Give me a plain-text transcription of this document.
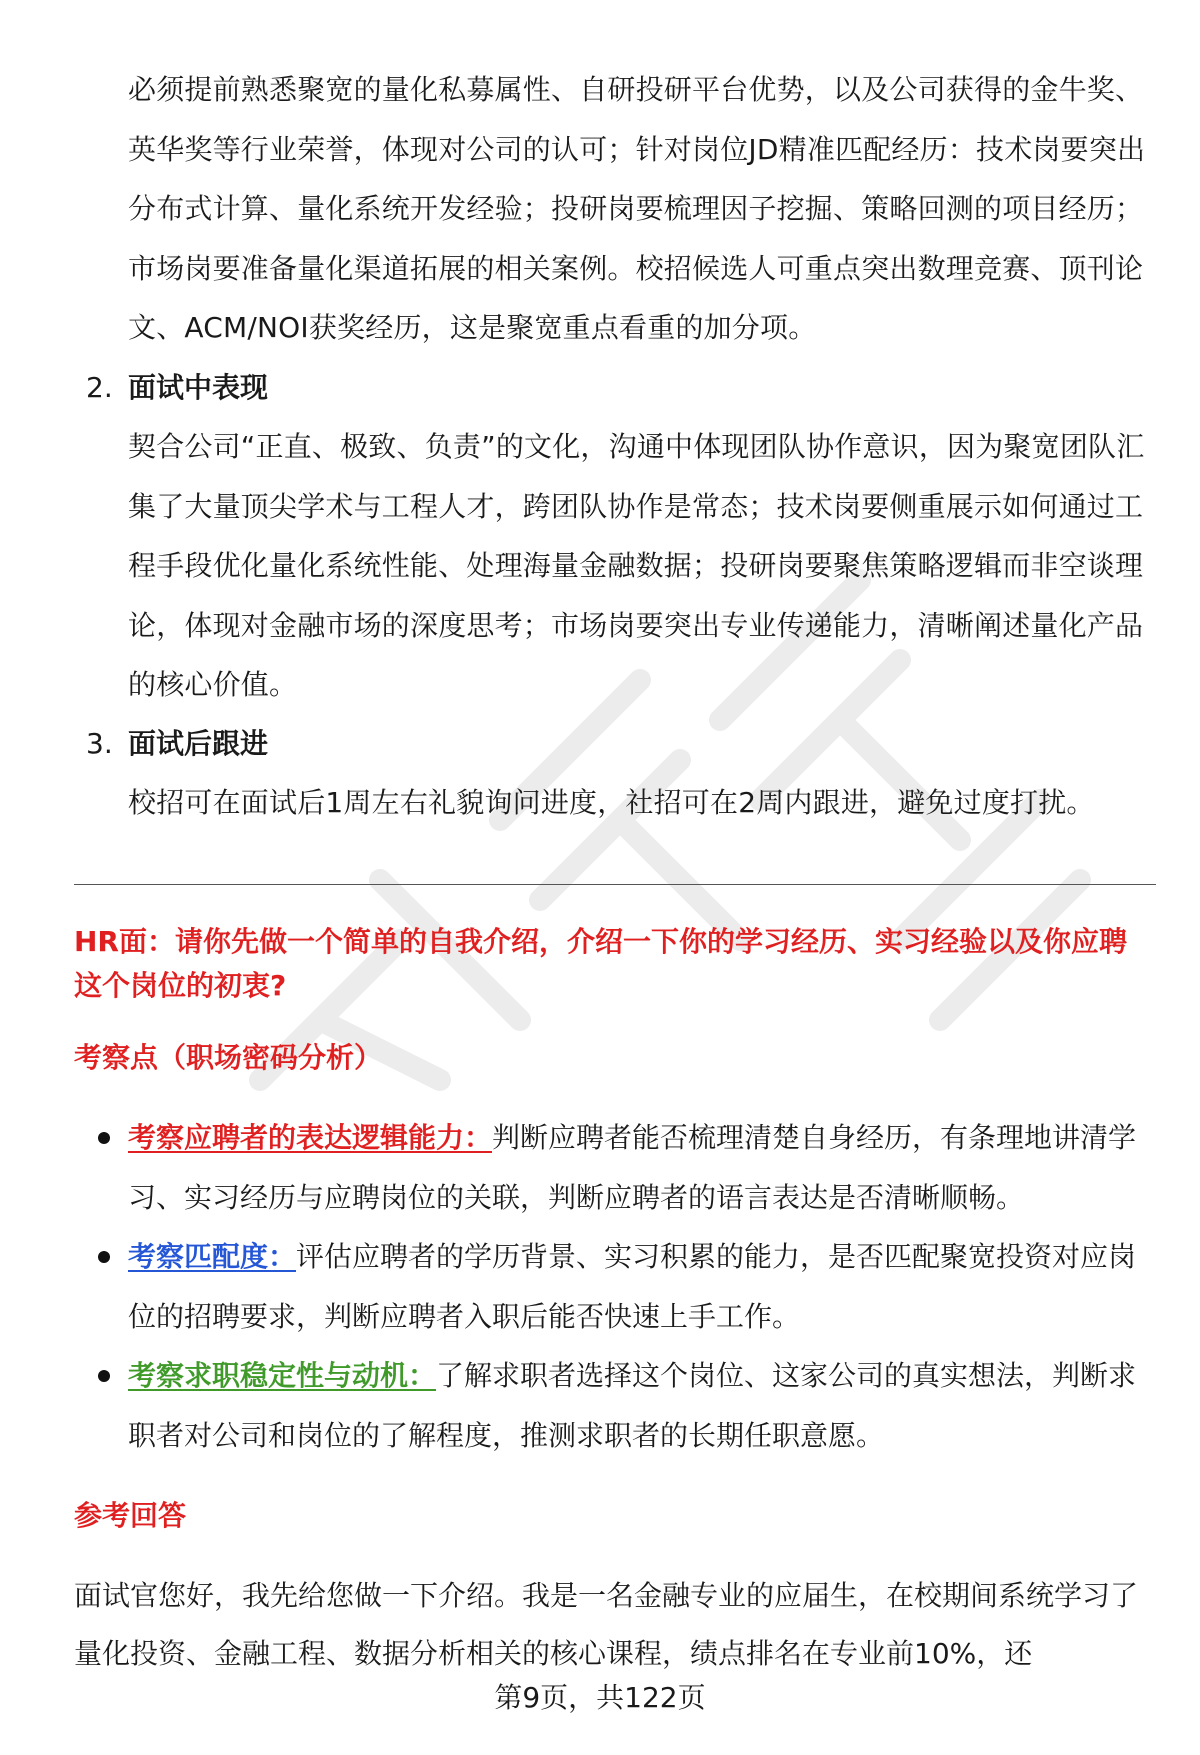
必须提前熟悉聚宽的量化私募属性、自研投研平台优势，以及公司获得的金牛奖、英华奖等行业荣誉，体现对公司的认可；针对岗位JD精准匹配经历：技术岗要突出分布式计算、量化系统开发经验；投研岗要梳理因子挖掘、策略回测的项目经历；市场岗要准备量化渠道拓展的相关案例。校招候选人可重点突出数理竞赛、顶刊论文、ACM/NOI获奖经历，这是聚宽重点看重的加分项。

2. 面试中表现

契合公司“正直、极致、负责”的文化，沟通中体现团队协作意识，因为聚宽团队汇集了大量顶尖学术与工程人才，跨团队协作是常态；技术岗要侧重展示如何通过工程手段优化量化系统性能、处理海量金融数据；投研岗要聚焦策略逻辑而非空谈理论，体现对金融市场的深度思考；市场岗要突出专业传递能力，清晰阐述量化产品的核心价值。

3. 面试后跟进

校招可在面试后1周左右礼貌询问进度，社招可在2周内跟进，避免过度打扰。

HR面：请你先做一个简单的自我介绍，介绍一下你的学习经历、实习经验以及你应聘这个岗位的初衷?
考察点（职场密码分析）
考察应聘者的表达逻辑能力：判断应聘者能否梳理清楚自身经历，有条理地讲清学习、实习经历与应聘岗位的关联，判断应聘者的语言表达是否清晰顺畅。
考察匹配度：评估应聘者的学历背景、实习积累的能力，是否匹配聚宽投资对应岗位的招聘要求，判断应聘者入职后能否快速上手工作。
考察求职稳定性与动机：了解求职者选择这个岗位、这家公司的真实想法，判断求职者对公司和岗位的了解程度，推测求职者的长期任职意愿。
参考回答

面试官您好，我先给您做一下介绍。我是一名金融专业的应届生，在校期间系统学习了量化投资、金融工程、数据分析相关的核心课程，绩点排名在专业前10%，还

第9页，共122页
